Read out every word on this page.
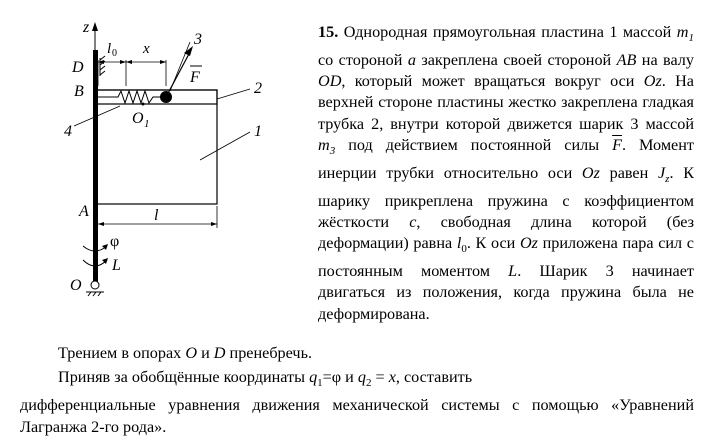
z
D
B
A
O
O 1
l 0 x
F
3
2
1
4
l
φ
L
15. Однородная прямоугольная пластина 1 массой $m_1$ со стороной a закреплена своей стороной AB на валу OD, который может вращаться вокруг оси Oz. На верхней стороне пластины жестко закреплена гладкая трубка 2, внутри которой движется шарик 3 массой $m_3$ под действием постоянной силы $\overline{F}$. Момент инерции трубки относительно оси Oz равен $J_z$. К шарику прикреплена пружина с коэффициентом жёсткости c, свободная длина которой (без деформации) равна $l_0$. К оси Oz приложена пара сил с постоянным моментом L. Шарик 3 начинает двигаться из положения, когда пружина была не деформирована.
Трением в опорах O и D пренебречь.
Приняв за обобщённые координаты $q_1=\varphi$ и $q_2 = x$, составить
дифференциальные уравнения движения механической системы с помощью «Уравнений Лагранжа 2-го рода».
